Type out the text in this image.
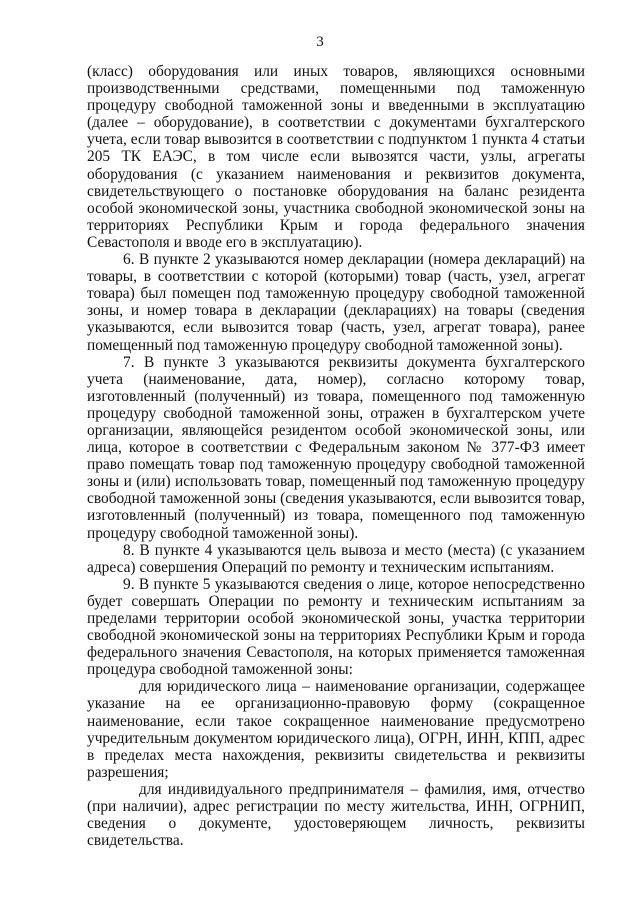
3

(класс) оборудования или иных товаров, являющихся основными производственными средствами, помещенными под таможенную процедуру свободной таможенной зоны и введенными в эксплуатацию (далее – оборудование), в соответствии с документами бухгалтерского учета, если товар вывозится в соответствии с подпунктом 1 пункта 4 статьи 205 ТК ЕАЭС, в том числе если вывозятся части, узлы, агрегаты оборудования (с указанием наименования и реквизитов документа, свидетельствующего о постановке оборудования на баланс резидента особой экономической зоны, участника свободной экономической зоны на территориях Республики Крым и города федерального значения Севастополя и вводе его в эксплуатацию).

6. В пункте 2 указываются номер декларации (номера деклараций) на товары, в соответствии с которой (которыми) товар (часть, узел, агрегат товара) был помещен под таможенную процедуру свободной таможенной зоны, и номер товара в декларации (декларациях) на товары (сведения указываются, если вывозится товар (часть, узел, агрегат товара), ранее помещенный под таможенную процедуру свободной таможенной зоны).

7. В пункте 3 указываются реквизиты документа бухгалтерского учета (наименование, дата, номер), согласно которому товар, изготовленный (полученный) из товара, помещенного под таможенную процедуру свободной таможенной зоны, отражен в бухгалтерском учете организации, являющейся резидентом особой экономической зоны, или лица, которое в соответствии с Федеральным законом № 377-ФЗ имеет право помещать товар под таможенную процедуру свободной таможенной зоны и (или) использовать товар, помещенный под таможенную процедуру свободной таможенной зоны (сведения указываются, если вывозится товар, изготовленный (полученный) из товара, помещенного под таможенную процедуру свободной таможенной зоны).

8. В пункте 4 указываются цель вывоза и место (места) (с указанием адреса) совершения Операций по ремонту и техническим испытаниям.

9. В пункте 5 указываются сведения о лице, которое непосредственно будет совершать Операции по ремонту и техническим испытаниям за пределами территории особой экономической зоны, участка территории свободной экономической зоны на территориях Республики Крым и города федерального значения Севастополя, на которых применяется таможенная процедура свободной таможенной зоны:

для юридического лица – наименование организации, содержащее указание на ее организационно-правовую форму (сокращенное наименование, если такое сокращенное наименование предусмотрено учредительным документом юридического лица), ОГРН, ИНН, КПП, адрес в пределах места нахождения, реквизиты свидетельства и реквизиты разрешения;

для индивидуального предпринимателя – фамилия, имя, отчество (при наличии), адрес регистрации по месту жительства, ИНН, ОГРНИП, сведения о документе, удостоверяющем личность, реквизиты свидетельства.
